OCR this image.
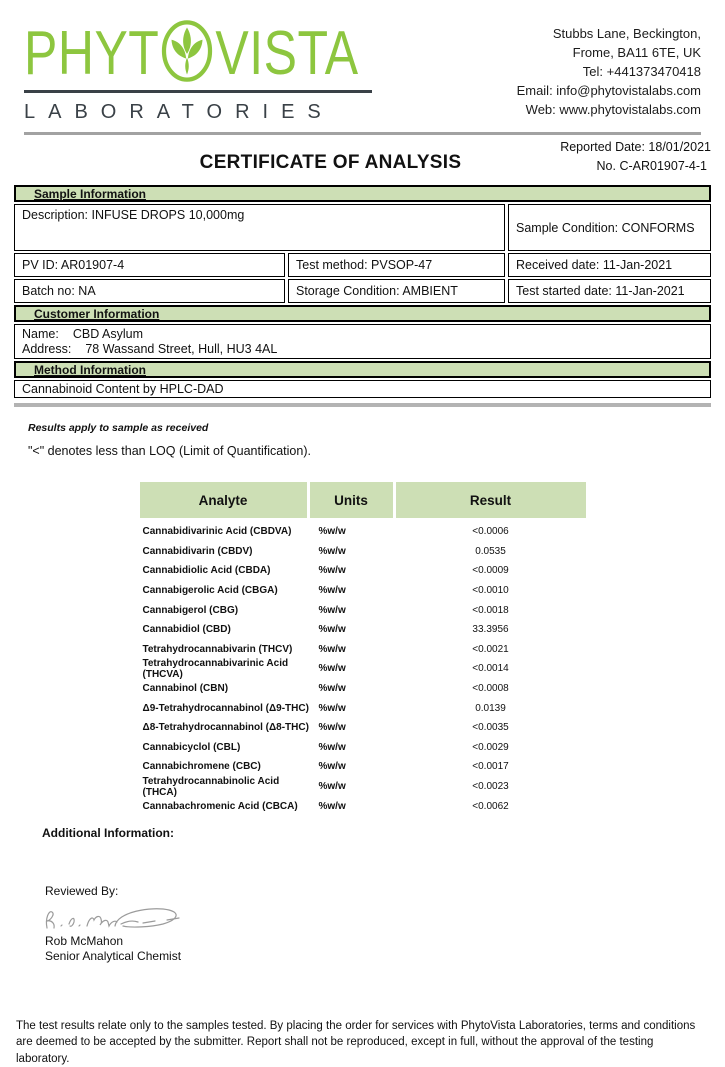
PHYT VISTA
LABORATORIES
Stubbs Lane, Beckington,
Frome, BA11 6TE, UK
Tel: +441373470418
Email: info@phytovistalabs.com
Web: www.phytovistalabs.com
Reported Date: 18/01/2021
No. C-AR01907-4-1
CERTIFICATE OF ANALYSIS
Sample Information
Description: INFUSE DROPS 10,000mg
Sample Condition: CONFORMS
PV ID: AR01907-4	Test method: PVSOP-47	Received date: 11-Jan-2021
Batch no: NA	Storage Condition: AMBIENT	Test started date: 11-Jan-2021
Customer Information
Name: CBD Asylum
Address: 78 Wassand Street, Hull, HU3 4AL
Method Information
Cannabinoid Content by HPLC-DAD

Results apply to sample as received

"<" denotes less than LOQ (Limit of Quantification).

Analyte	Units	Result
Cannabidivarinic Acid (CBDVA)	%w/w	<0.0006
Cannabidivarin (CBDV)	%w/w	0.0535
Cannabidiolic Acid (CBDA)	%w/w	<0.0009
Cannabigerolic Acid (CBGA)	%w/w	<0.0010
Cannabigerol (CBG)	%w/w	<0.0018
Cannabidiol (CBD)	%w/w	33.3956
Tetrahydrocannabivarin (THCV)	%w/w	<0.0021
Tetrahydrocannabivarinic Acid (THCVA)	%w/w	<0.0014
Cannabinol (CBN)	%w/w	<0.0008
Δ9-Tetrahydrocannabinol (Δ9-THC) %w/w	0.0139
Δ8-Tetrahydrocannabinol (Δ8-THC) %w/w	<0.0035
Cannabicyclol (CBL)	%w/w	<0.0029
Cannabichromene (CBC)	%w/w	<0.0017
Tetrahydrocannabinolic Acid (THCA)	%w/w	<0.0023
Cannabachromenic Acid (CBCA)	%w/w	<0.0062

Additional Information:

Reviewed By:
Rob McMahon
Senior Analytical Chemist

The test results relate only to the samples tested. By placing the order for services with PhytoVista Laboratories, terms and conditions are deemed to be accepted by the submitter. Report shall not be reproduced, except in full, without the approval of the testing laboratory.
